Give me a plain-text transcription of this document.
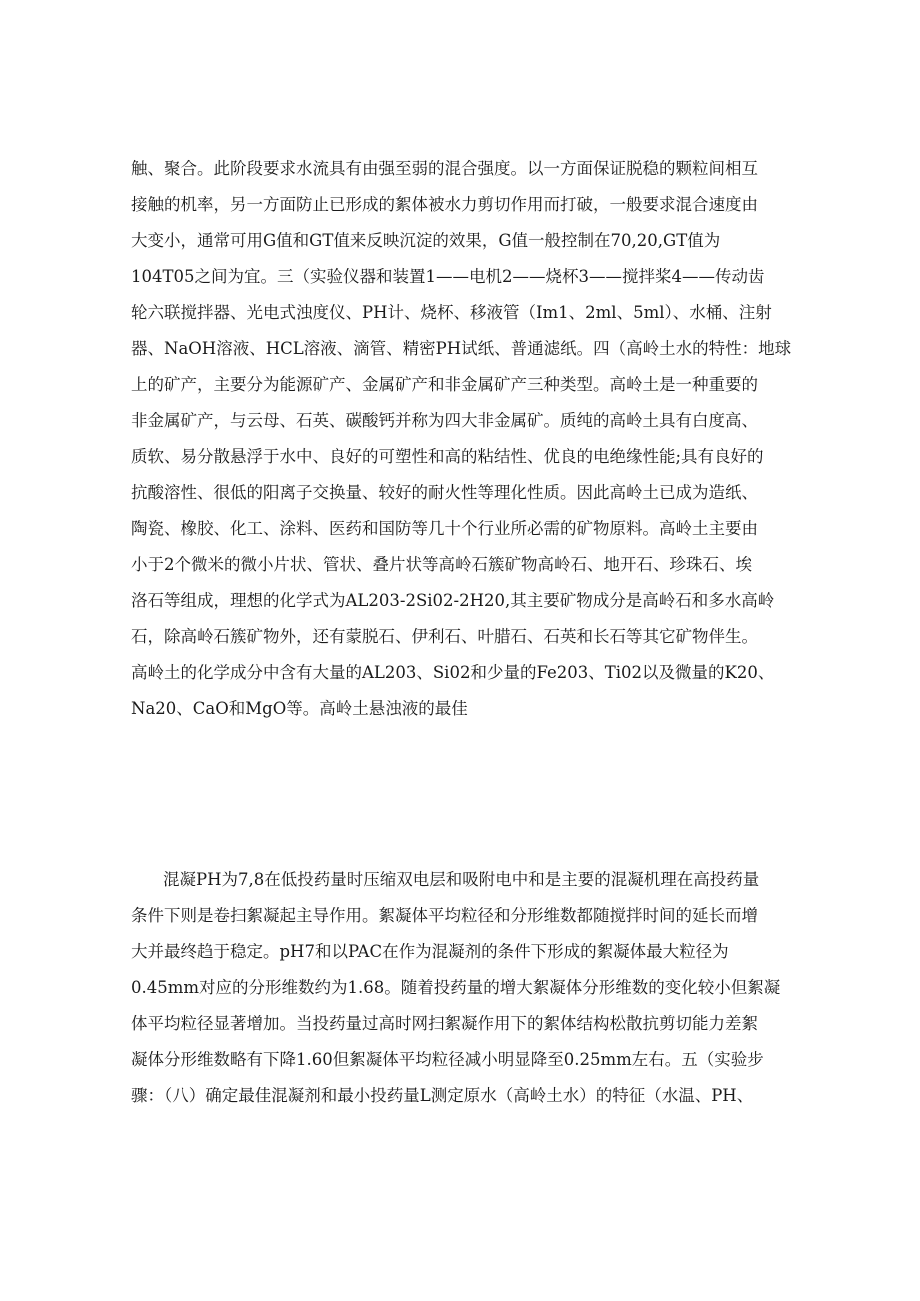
触、聚合。此阶段要求水流具有由强至弱的混合强度。以一方面保证脱稳的颗粒间相互
接触的机率，另一方面防止已形成的絮体被水力剪切作用而打破，一般要求混合速度由
大变小，通常可用G值和GT值来反映沉淀的效果，G值一般控制在70,20,GT值为
104T05之间为宜。三（实验仪器和装置1——电机2——烧杯3——搅拌桨4——传动齿
轮六联搅拌器、光电式浊度仪、PH计、烧杯、移液管（Im1、2ml、5ml）、水桶、注射
器、NaOH溶液、HCL溶液、滴管、精密PH试纸、普通滤纸。四（高岭土水的特性：地球
上的矿产，主要分为能源矿产、金属矿产和非金属矿产三种类型。高岭土是一种重要的
非金属矿产，与云母、石英、碳酸钙并称为四大非金属矿。质纯的高岭土具有白度高、
质软、易分散悬浮于水中、良好的可塑性和高的粘结性、优良的电绝缘性能;具有良好的
抗酸溶性、很低的阳离子交换量、较好的耐火性等理化性质。因此高岭土已成为造纸、
陶瓷、橡胶、化工、涂料、医药和国防等几十个行业所必需的矿物原料。高岭土主要由
小于2个微米的微小片状、管状、叠片状等高岭石簇矿物高岭石、地开石、珍珠石、埃
洛石等组成，理想的化学式为AL203-2Si02-2H20,其主要矿物成分是高岭石和多水高岭
石，除高岭石簇矿物外，还有蒙脱石、伊利石、叶腊石、石英和长石等其它矿物伴生。
高岭土的化学成分中含有大量的AL203、Si02和少量的Fe203、Ti02以及微量的K20、
Na20、CaO和MgO等。高岭土悬浊液的最佳
混凝PH为7,8在低投药量时压缩双电层和吸附电中和是主要的混凝机理在高投药量
条件下则是卷扫絮凝起主导作用。絮凝体平均粒径和分形维数都随搅拌时间的延长而增
大并最终趋于稳定。pH7和以PAC在作为混凝剂的条件下形成的絮凝体最大粒径为
0.45mm对应的分形维数约为1.68。随着投药量的增大絮凝体分形维数的变化较小但絮凝
体平均粒径显著增加。当投药量过高时网扫絮凝作用下的絮体结构松散抗剪切能力差絮
凝体分形维数略有下降1.60但絮凝体平均粒径减小明显降至0.25mm左右。五（实验步
骤：（八）确定最佳混凝剂和最小投药量L测定原水（高岭土水）的特征（水温、PH、
